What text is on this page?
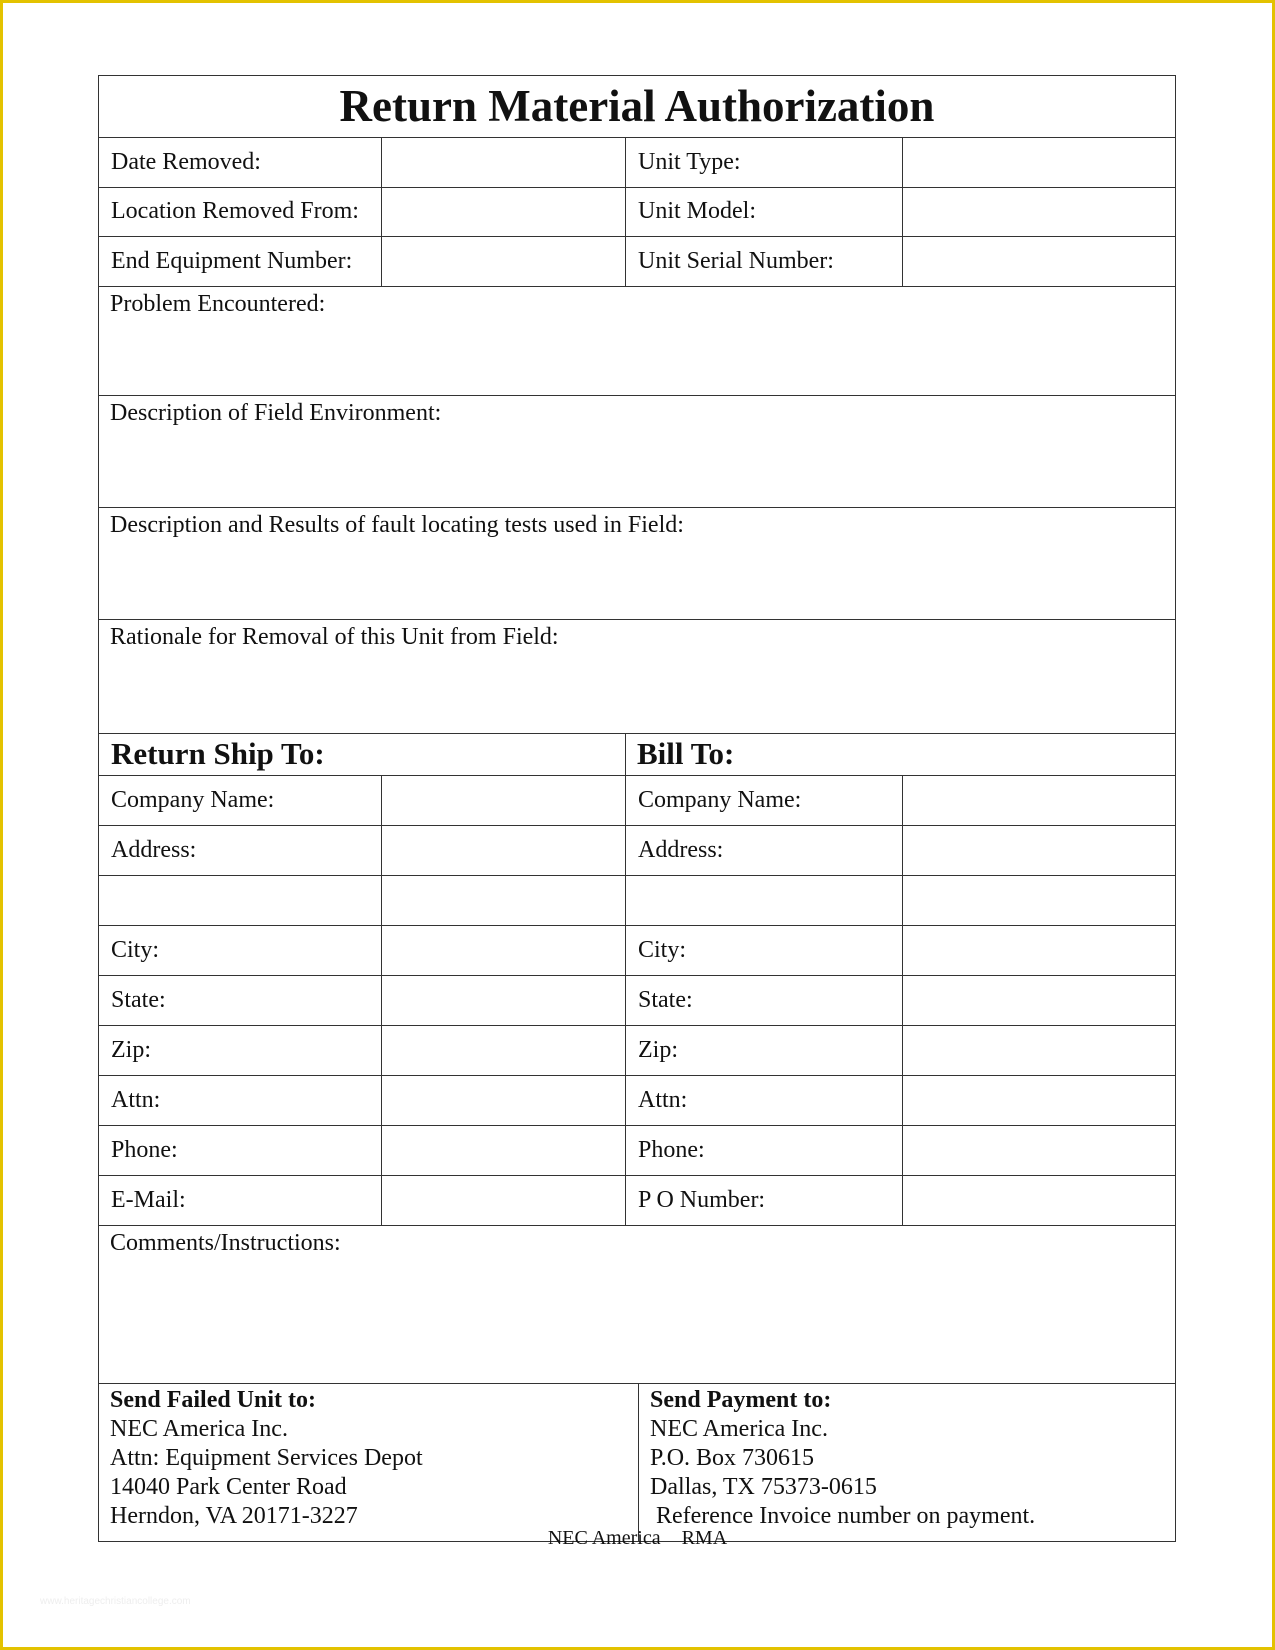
Return Material Authorization
Date Removed:	Unit Type:
Location Removed From:	Unit Model:
End Equipment Number:	Unit Serial Number:
Problem Encountered:
Description of Field Environment:
Description and Results of fault locating tests used in Field:
Rationale for Removal of this Unit from Field:
Return Ship To:	Bill To:
Company Name:	Company Name:
Address:	Address:
City:	City:
State:	State:
Zip:	Zip:
Attn:	Attn:
Phone:	Phone:
E-Mail:	P O Number:
Comments/Instructions:
Send Failed Unit to:
NEC America Inc.
Attn: Equipment Services Depot
14040 Park Center Road
Herndon, VA 20171-3227
Send Payment to:
NEC America Inc.
P.O. Box 730615
Dallas, TX 75373-0615
Reference Invoice number on payment.
NEC America RMA
www.heritagechristiancollege.com
